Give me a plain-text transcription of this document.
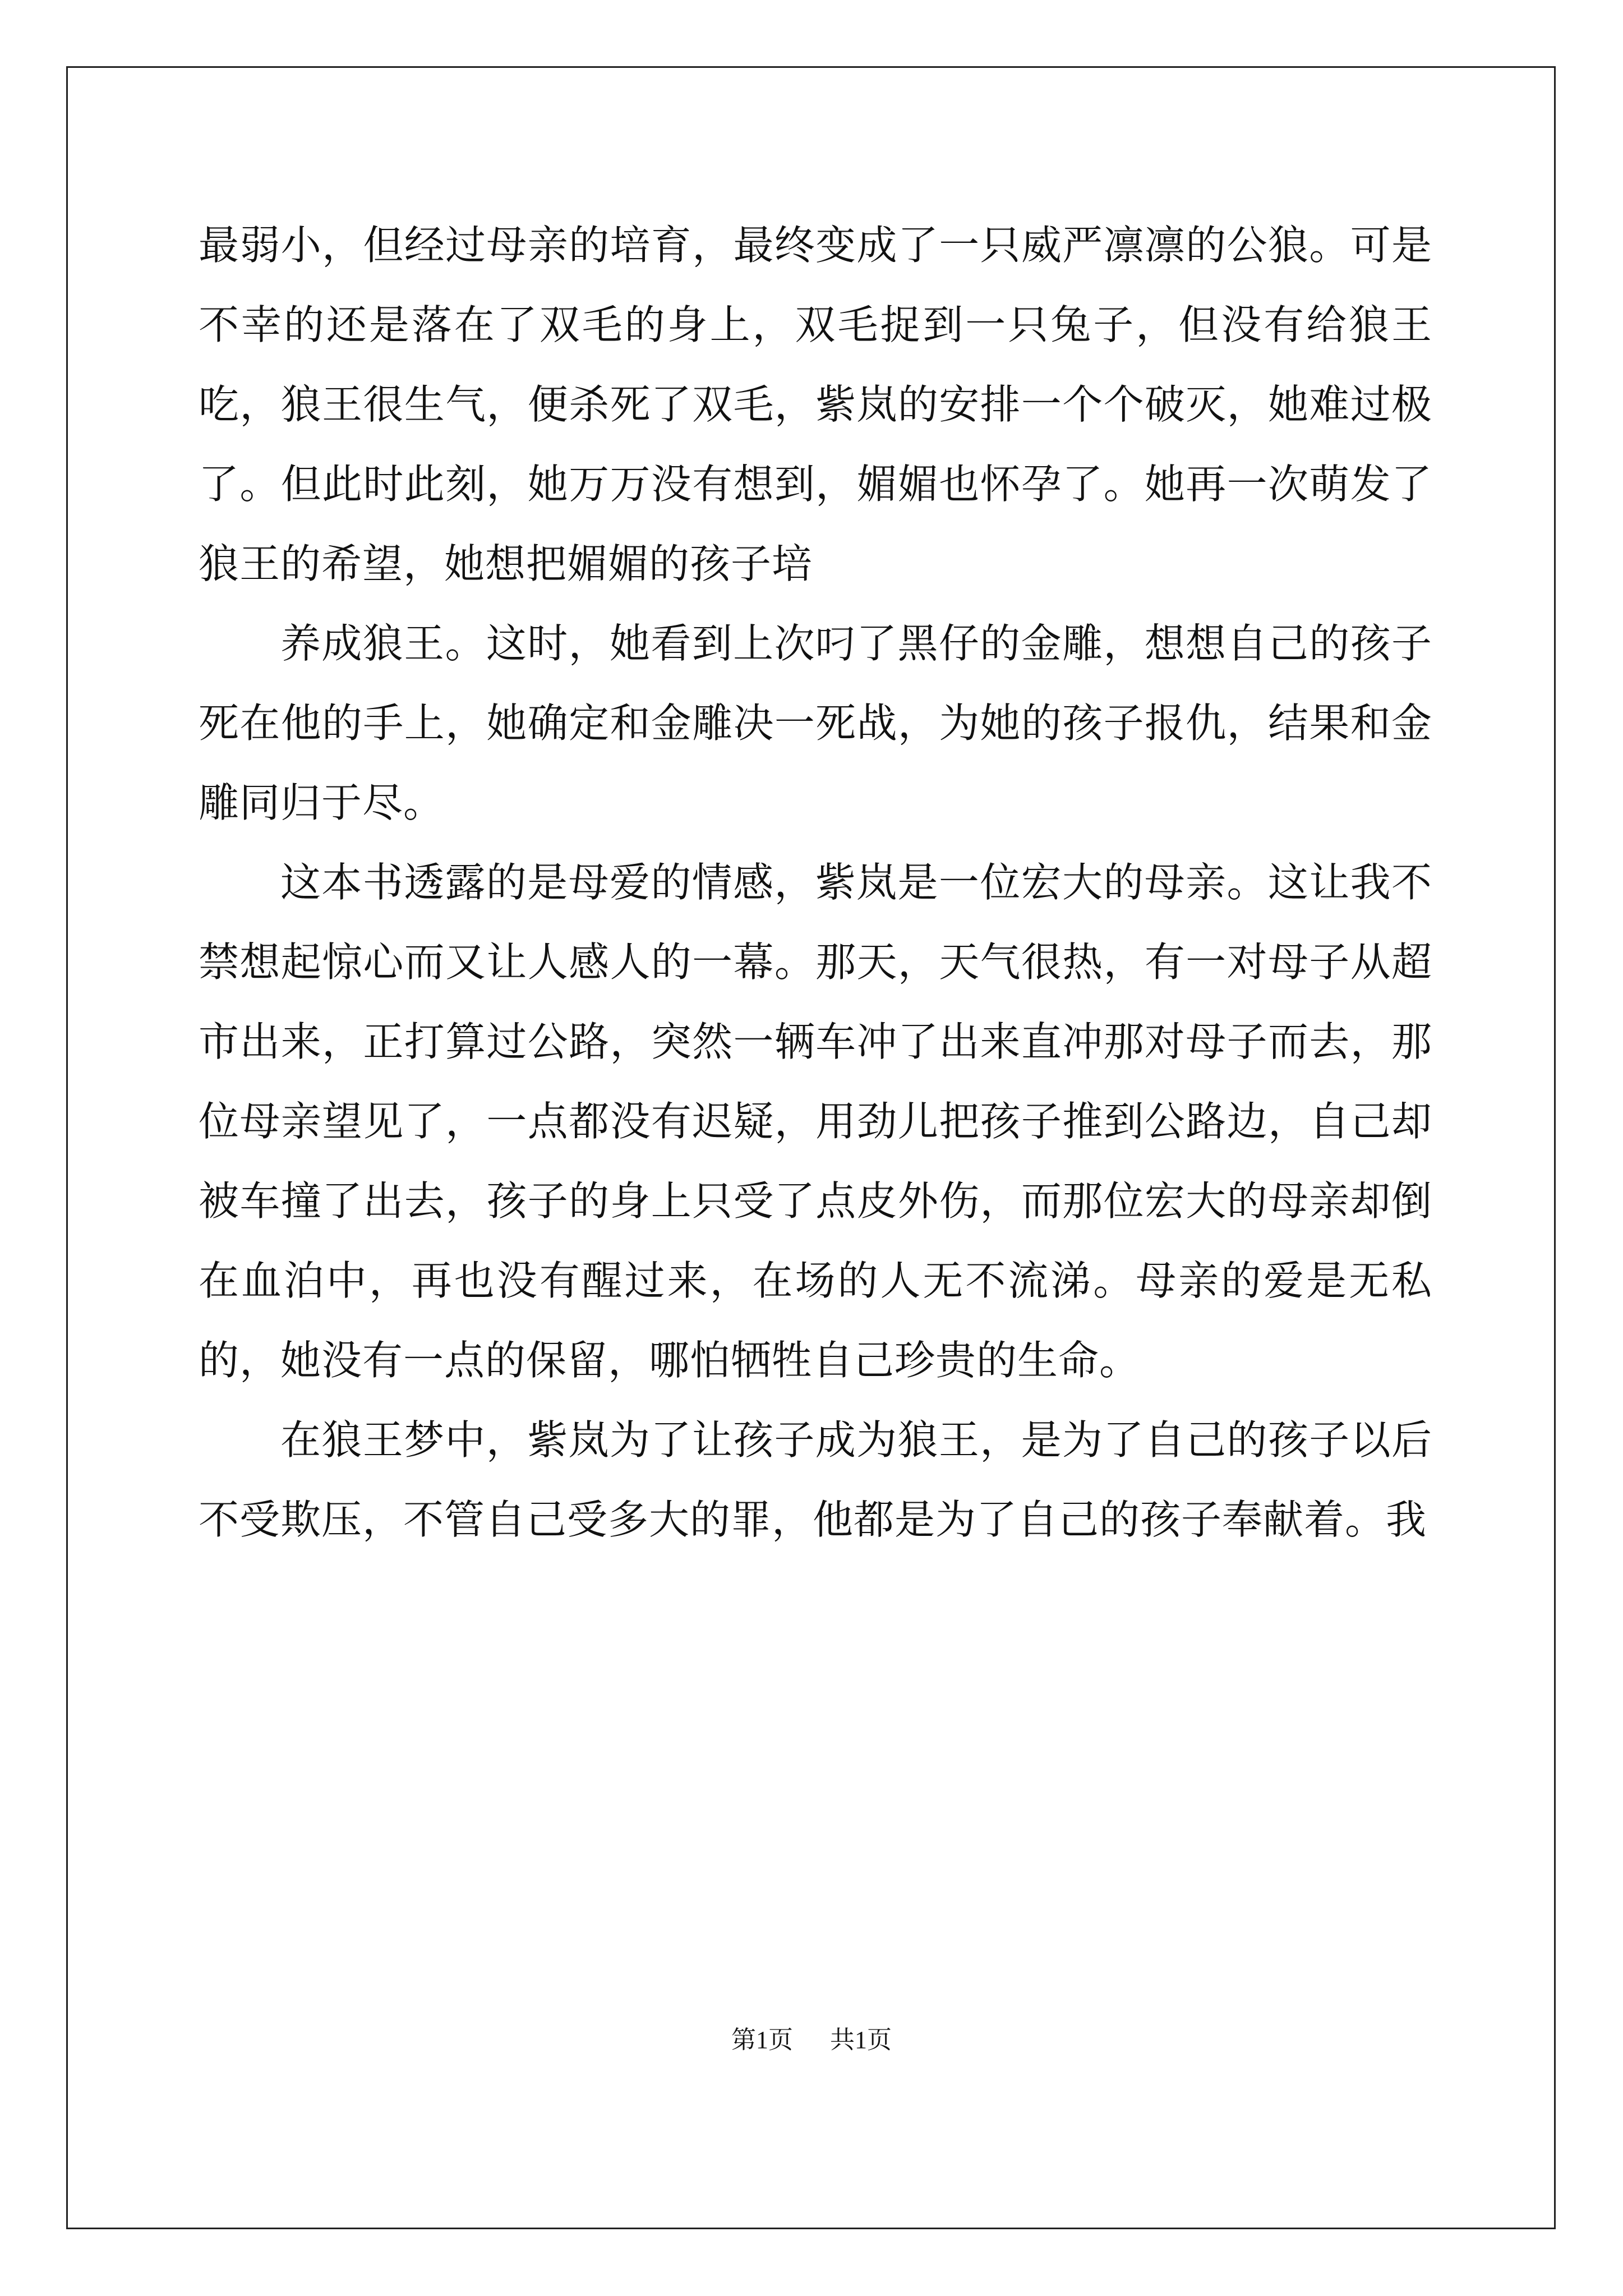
最弱小，但经过母亲的培育，最终变成了一只威严凛凛的公狼。可是不幸的还是落在了双毛的身上，双毛捉到一只兔子，但没有给狼王吃，狼王很生气，便杀死了双毛，紫岚的安排一个个破灭，她难过极了。但此时此刻，她万万没有想到，媚媚也怀孕了。她再一次萌发了狼王的希望，她想把媚媚的孩子培

养成狼王。这时，她看到上次叼了黑仔的金雕，想想自己的孩子死在他的手上，她确定和金雕决一死战，为她的孩子报仇，结果和金雕同归于尽。

这本书透露的是母爱的情感，紫岚是一位宏大的母亲。这让我不禁想起惊心而又让人感人的一幕。那天，天气很热，有一对母子从超市出来，正打算过公路，突然一辆车冲了出来直冲那对母子而去，那位母亲望见了，一点都没有迟疑，用劲儿把孩子推到公路边，自己却被车撞了出去，孩子的身上只受了点皮外伤，而那位宏大的母亲却倒在血泊中，再也没有醒过来，在场的人无不流涕。母亲的爱是无私的，她没有一点的保留，哪怕牺牲自己珍贵的生命。

在狼王梦中，紫岚为了让孩子成为狼王，是为了自己的孩子以后不受欺压，不管自己受多大的罪，他都是为了自己的孩子奉献着。我

第1页 共1页
